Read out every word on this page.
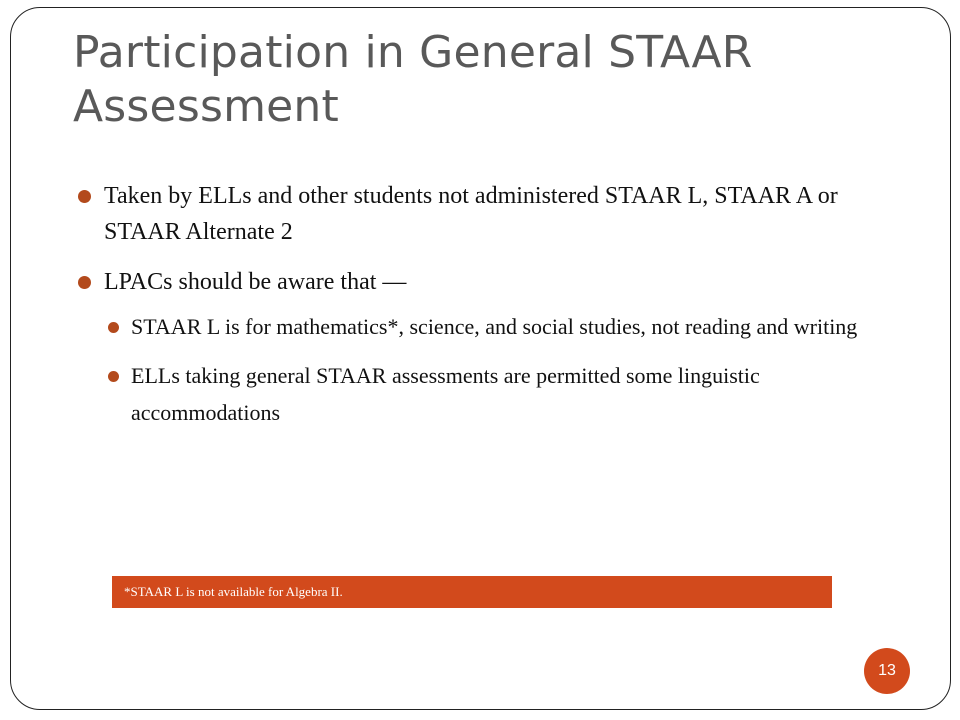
Participation in General STAAR Assessment
Taken by ELLs and other students not administered STAAR L, STAAR A or STAAR Alternate 2
LPACs should be aware that —
STAAR L is for mathematics*, science, and social studies, not reading and writing
ELLs taking general STAAR assessments are permitted some linguistic accommodations
*STAAR L is not available for Algebra II.
13
